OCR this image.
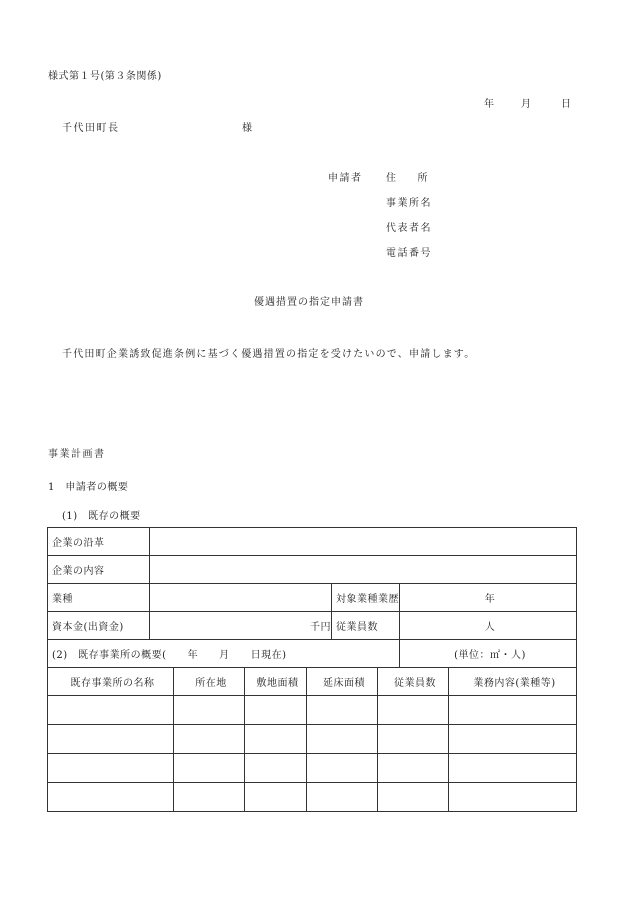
様式第１号(第３条関係)
年	月	日
千代田町長	様
申請者 住　　所
事業所名
代表者名
電話番号
優遇措置の指定申請書
千代田町企業誘致促進条例に基づく優遇措置の指定を受けたいので、申請します。
事業計画書
1　申請者の概要
(1)　既存の概要
企業の沿革			
企業の内容			
業種		対象業種業歴	年
資本金(出資金)	千円	従業員数	人
(2)　既存事業所の概要(　　年　　月　　日現在)			(単位：㎡・人)
既存事業所の名称	所在地	敷地面積	延床面積	従業員数	業務内容(業種等)
